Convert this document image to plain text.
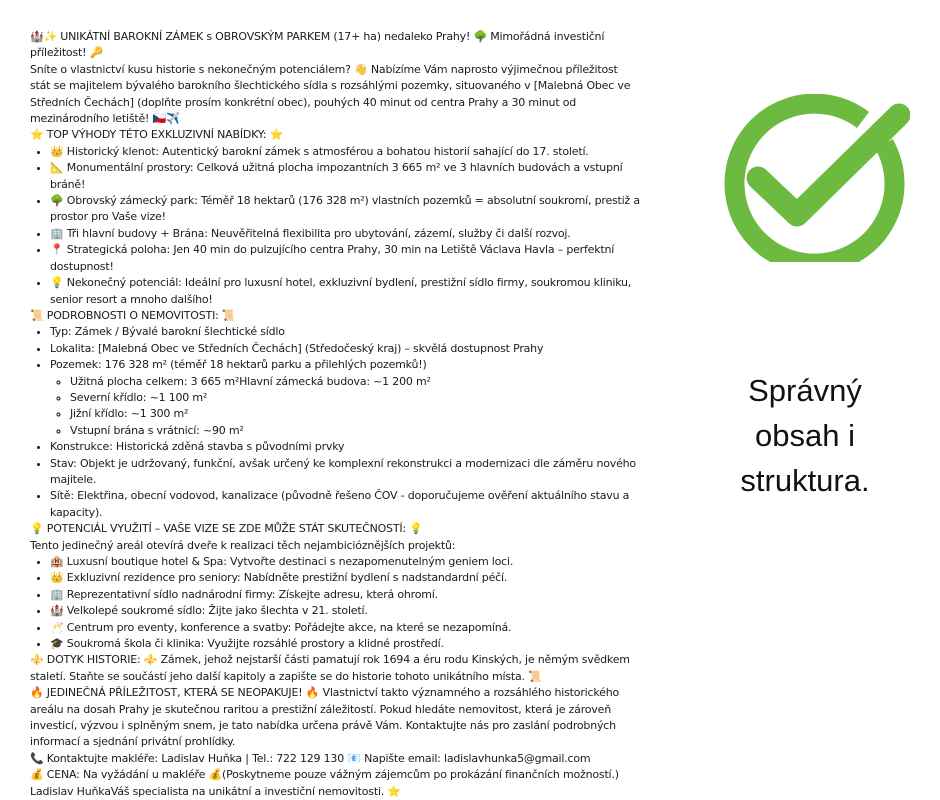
🏰✨ UNIKÁTNÍ BAROKNÍ ZÁMEK s OBROVSKÝM PARKEM (17+ ha) nedaleko Prahy! 🌳 Mimořádná investiční příležitost! 🔑

Sníte o vlastnictví kusu historie s nekonečným potenciálem? 👋 Nabízíme Vám naprosto výjimečnou příležitost stát se majitelem bývalého barokního šlechtického sídla s rozsáhlými pozemky, situovaného v [Malebná Obec ve Středních Čechách] (doplňte prosím konkrétní obec), pouhých 40 minut od centra Prahy a 30 minut od mezinárodního letiště! 🇨🇿✈️

⭐ TOP VÝHODY TÉTO EXKLUZIVNÍ NABÍDKY: ⭐

• 👑 Historický klenot: Autentický barokní zámek s atmosférou a bohatou historií sahající do 17. století.
• 📐 Monumentální prostory: Celková užitná plocha impozantních 3 665 m² ve 3 hlavních budovách a vstupní bráně!
• 🌳 Obrovský zámecký park: Téměř 18 hektarů (176 328 m²) vlastních pozemků = absolutní soukromí, prestiž a prostor pro Vaše vize!
• 🏢 Tři hlavní budovy + Brána: Neuvěřitelná flexibilita pro ubytování, zázemí, služby či další rozvoj.
• 📍 Strategická poloha: Jen 40 min do pulzujícího centra Prahy, 30 min na Letiště Václava Havla – perfektní dostupnost!
• 💡 Nekonečný potenciál: Ideální pro luxusní hotel, exkluzivní bydlení, prestižní sídlo firmy, soukromou kliniku, senior resort a mnoho dalšího!

📜 PODROBNOSTI O NEMOVITOSTI: 📜

• Typ: Zámek / Bývalé barokní šlechtické sídlo
• Lokalita: [Malebná Obec ve Středních Čechách] (Středočeský kraj) – skvělá dostupnost Prahy
• Pozemek: 176 328 m² (téměř 18 hektarů parku a přilehlých pozemků!)
◦ Užitná plocha celkem: 3 665 m²Hlavní zámecká budova: ~1 200 m²
◦ Severní křídlo: ~1 100 m²
◦ Jižní křídlo: ~1 300 m²
◦ Vstupní brána s vrátnicí: ~90 m²
• Konstrukce: Historická zděná stavba s původními prvky
• Stav: Objekt je udržovaný, funkční, avšak určený ke komplexní rekonstrukci a modernizaci dle záměru nového majitele.
• Sítě: Elektřina, obecní vodovod, kanalizace (původně řešeno ČOV - doporučujeme ověření aktuálního stavu a kapacity).

💡 POTENCIÁL VYUŽITÍ – VAŠE VIZE SE ZDE MŮŽE STÁT SKUTEČNOSTÍ: 💡

Tento jedinečný areál otevírá dveře k realizaci těch nejambicióznějších projektů:

• 🏨 Luxusní boutique hotel & Spa: Vytvořte destinaci s nezapomenutelným geniem loci.
• 👑 Exkluzivní rezidence pro seniory: Nabídněte prestižní bydlení s nadstandardní péčí.
• 🏢 Reprezentativní sídlo nadnárodní firmy: Získejte adresu, která ohromí.
• 🏰 Velkolepé soukromé sídlo: Žijte jako šlechta v 21. století.
• 🥂 Centrum pro eventy, konference a svatby: Pořádejte akce, na které se nezapomíná.
• 🎓 Soukromá škola či klinika: Využijte rozsáhlé prostory a klidné prostředí.

⚜️ DOTYK HISTORIE: ⚜️ Zámek, jehož nejstarší části pamatují rok 1694 a éru rodu Kinských, je němým svědkem staletí. Staňte se součástí jeho další kapitoly a zapište se do historie tohoto unikátního místa. 📜

🔥 JEDINEČNÁ PŘÍLEŽITOST, KTERÁ SE NEOPAKUJE! 🔥 Vlastnictví takto významného a rozsáhlého historického areálu na dosah Prahy je skutečnou raritou a prestižní záležitostí. Pokud hledáte nemovitost, která je zároveň investicí, výzvou i splněným snem, je tato nabídka určena právě Vám. Kontaktujte nás pro zaslání podrobných informací a sjednání privátní prohlídky.

📞 Kontaktujte makléře: Ladislav Huňka | Tel.: 722 129 130 📧 Napište email: ladislavhunka5@gmail.com

💰 CENA: Na vyžádání u makléře 💰(Poskytneme pouze vážným zájemcům po prokázání finančních možností.)

Ladislav HuňkaVáš specialista na unikátní a investiční nemovitosti. ⭐

Správný obsah i struktura.
